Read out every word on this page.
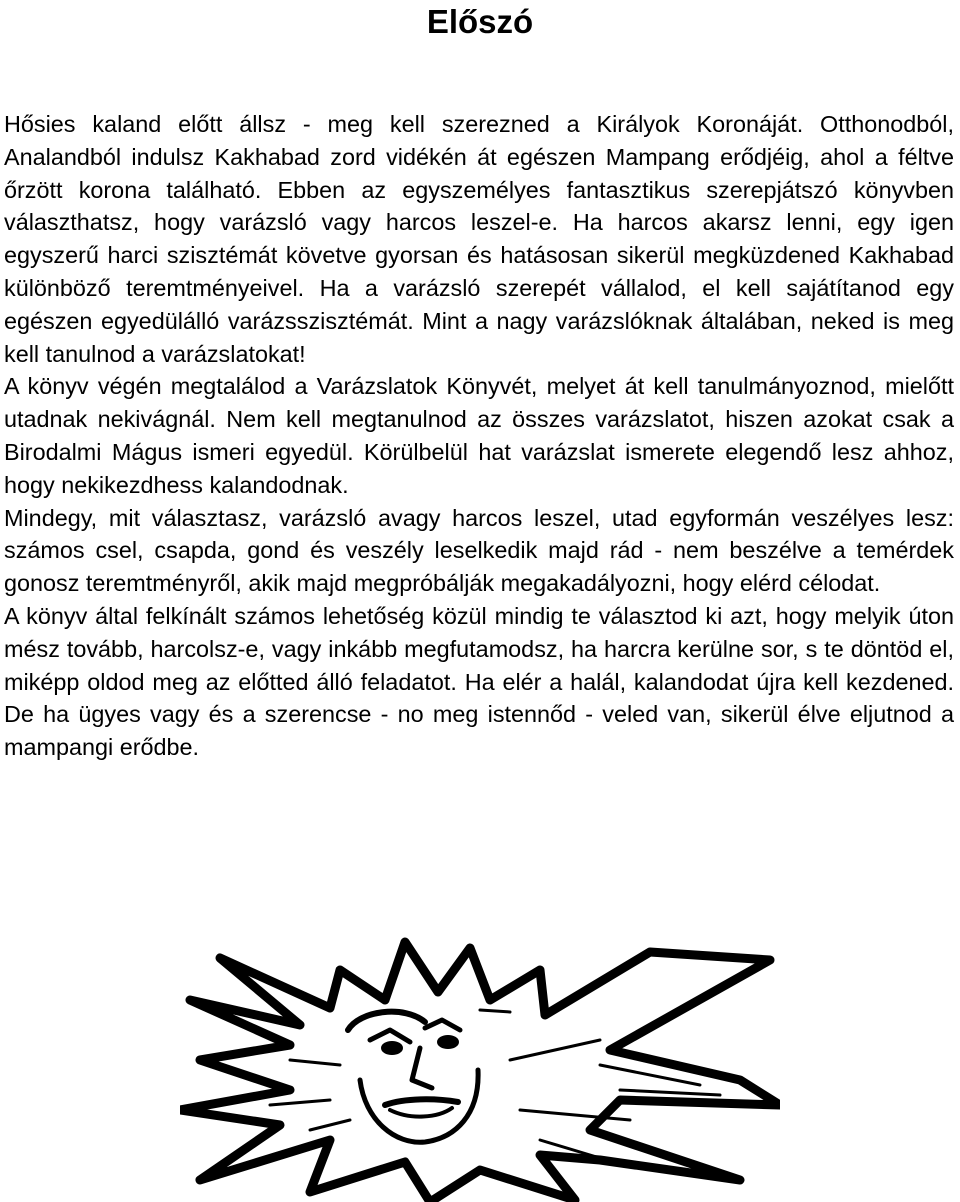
Előszó

Hősies kaland előtt állsz - meg kell szerezned a Királyok Koronáját. Otthonodból, Analandból indulsz Kakhabad zord vidékén át egészen Mampang erődjéig, ahol a féltve őrzött korona található. Ebben az egyszemélyes fantasztikus szerepjátszó könyvben választhatsz, hogy varázsló vagy harcos leszel-e. Ha harcos akarsz lenni, egy igen egyszerű harci szisztémát követve gyorsan és hatásosan sikerül megküzdened Kakhabad különböző teremtményeivel. Ha a varázsló szerepét vállalod, el kell sajátítanod egy egészen egyedülálló varázsszisztémát. Mint a nagy varázslóknak általában, neked is meg kell tanulnod a varázslatokat!

A könyv végén megtalálod a Varázslatok Könyvét, melyet át kell tanulmányoznod, mielőtt utadnak nekivágnál. Nem kell megtanulnod az összes varázslatot, hiszen azokat csak a Birodalmi Mágus ismeri egyedül. Körülbelül hat varázslat ismerete elegendő lesz ahhoz, hogy nekikezdhess kalandodnak.

Mindegy, mit választasz, varázsló avagy harcos leszel, utad egyformán veszélyes lesz: számos csel, csapda, gond és veszély leselkedik majd rád - nem beszélve a temérdek gonosz teremtményről, akik majd megpróbálják megakadályozni, hogy elérd célodat.

A könyv által felkínált számos lehetőség közül mindig te választod ki azt, hogy melyik úton mész tovább, harcolsz-e, vagy inkább megfutamodsz, ha harcra kerülne sor, s te döntöd el, miképp oldod meg az előtted álló feladatot. Ha elér a halál, kalandodat újra kell kezdened. De ha ügyes vagy és a szerencse - no meg istennőd - veled van, sikerül élve eljutnod a mampangi erődbe.
